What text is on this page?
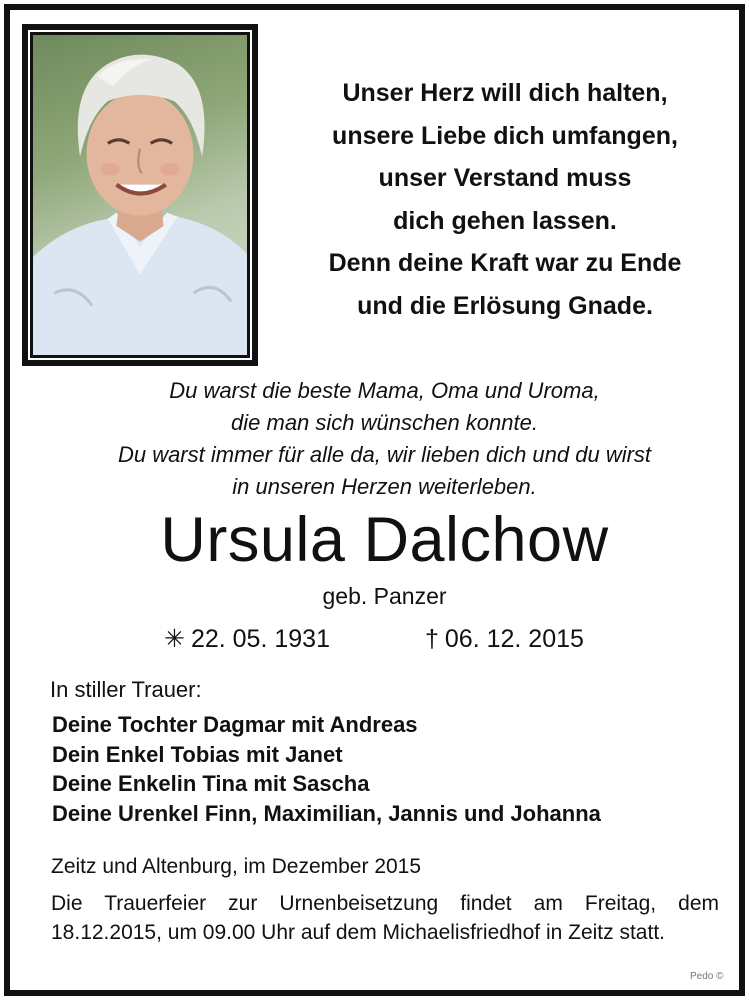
Unser Herz will dich halten,
unsere Liebe dich umfangen,
unser Verstand muss
dich gehen lassen.
Denn deine Kraft war zu Ende
und die Erlösung Gnade.
Du warst die beste Mama, Oma und Uroma,
die man sich wünschen konnte.
Du warst immer für alle da, wir lieben dich und du wirst
in unseren Herzen weiterleben.
Ursula Dalchow
geb. Panzer
✳ 22. 05. 1931	† 06. 12. 2015
In stiller Trauer:
Deine Tochter Dagmar mit Andreas
Dein Enkel Tobias mit Janet
Deine Enkelin Tina mit Sascha
Deine Urenkel Finn, Maximilian, Jannis und Johanna
Zeitz und Altenburg, im Dezember 2015
Die Trauerfeier zur Urnenbeisetzung findet am Freitag, dem 18.12.2015, um 09.00 Uhr auf dem Michaelisfriedhof in Zeitz statt.
Pedo ©
